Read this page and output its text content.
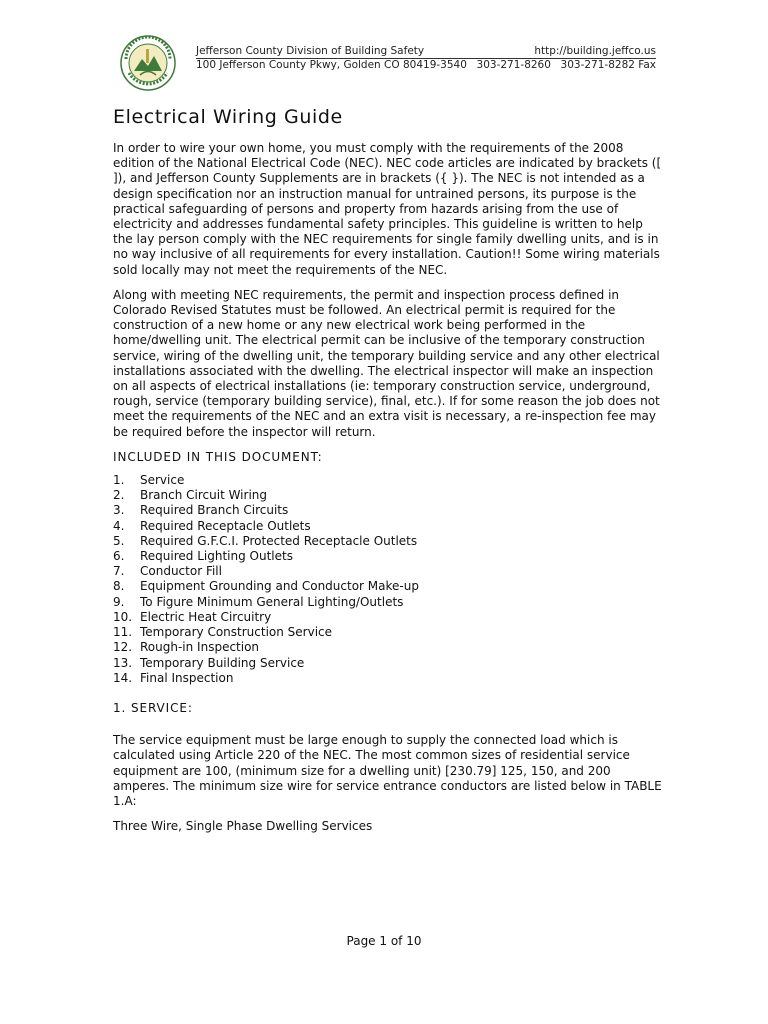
Jefferson County Division of Building Safety	http://building.jeffco.us
100 Jefferson County Pkwy, Golden CO 80419-3540 303-271-8260 303-271-8282 Fax
Electrical Wiring Guide

In order to wire your own home, you must comply with the requirements of the 2008 edition of the National Electrical Code (NEC). NEC code articles are indicated by brackets ([ ]), and Jefferson County Supplements are in brackets ({ }). The NEC is not intended as a design specification nor an instruction manual for untrained persons, its purpose is the practical safeguarding of persons and property from hazards arising from the use of electricity and addresses fundamental safety principles. This guideline is written to help the lay person comply with the NEC requirements for single family dwelling units, and is in no way inclusive of all requirements for every installation. Caution!! Some wiring materials sold locally may not meet the requirements of the NEC.

Along with meeting NEC requirements, the permit and inspection process defined in Colorado Revised Statutes must be followed. An electrical permit is required for the construction of a new home or any new electrical work being performed in the home/dwelling unit. The electrical permit can be inclusive of the temporary construction service, wiring of the dwelling unit, the temporary building service and any other electrical installations associated with the dwelling. The electrical inspector will make an inspection on all aspects of electrical installations (ie: temporary construction service, underground, rough, service (temporary building service), final, etc.). If for some reason the job does not meet the requirements of the NEC and an extra visit is necessary, a re-inspection fee may be required before the inspector will return.

INCLUDED IN THIS DOCUMENT:

1.	Service
2.	Branch Circuit Wiring
3.	Required Branch Circuits
4.	Required Receptacle Outlets
5.	Required G.F.C.I. Protected Receptacle Outlets
6.	Required Lighting Outlets
7.	Conductor Fill
8.	Equipment Grounding and Conductor Make-up
9.	To Figure Minimum General Lighting/Outlets
10. Electric Heat Circuitry
11. Temporary Construction Service
12. Rough-in Inspection
13. Temporary Building Service
14. Final Inspection

1. SERVICE:

The service equipment must be large enough to supply the connected load which is calculated using Article 220 of the NEC. The most common sizes of residential service equipment are 100, (minimum size for a dwelling unit) [230.79] 125, 150, and 200 amperes. The minimum size wire for service entrance conductors are listed below in TABLE 1.A:

Three Wire, Single Phase Dwelling Services

Page 1 of 10
